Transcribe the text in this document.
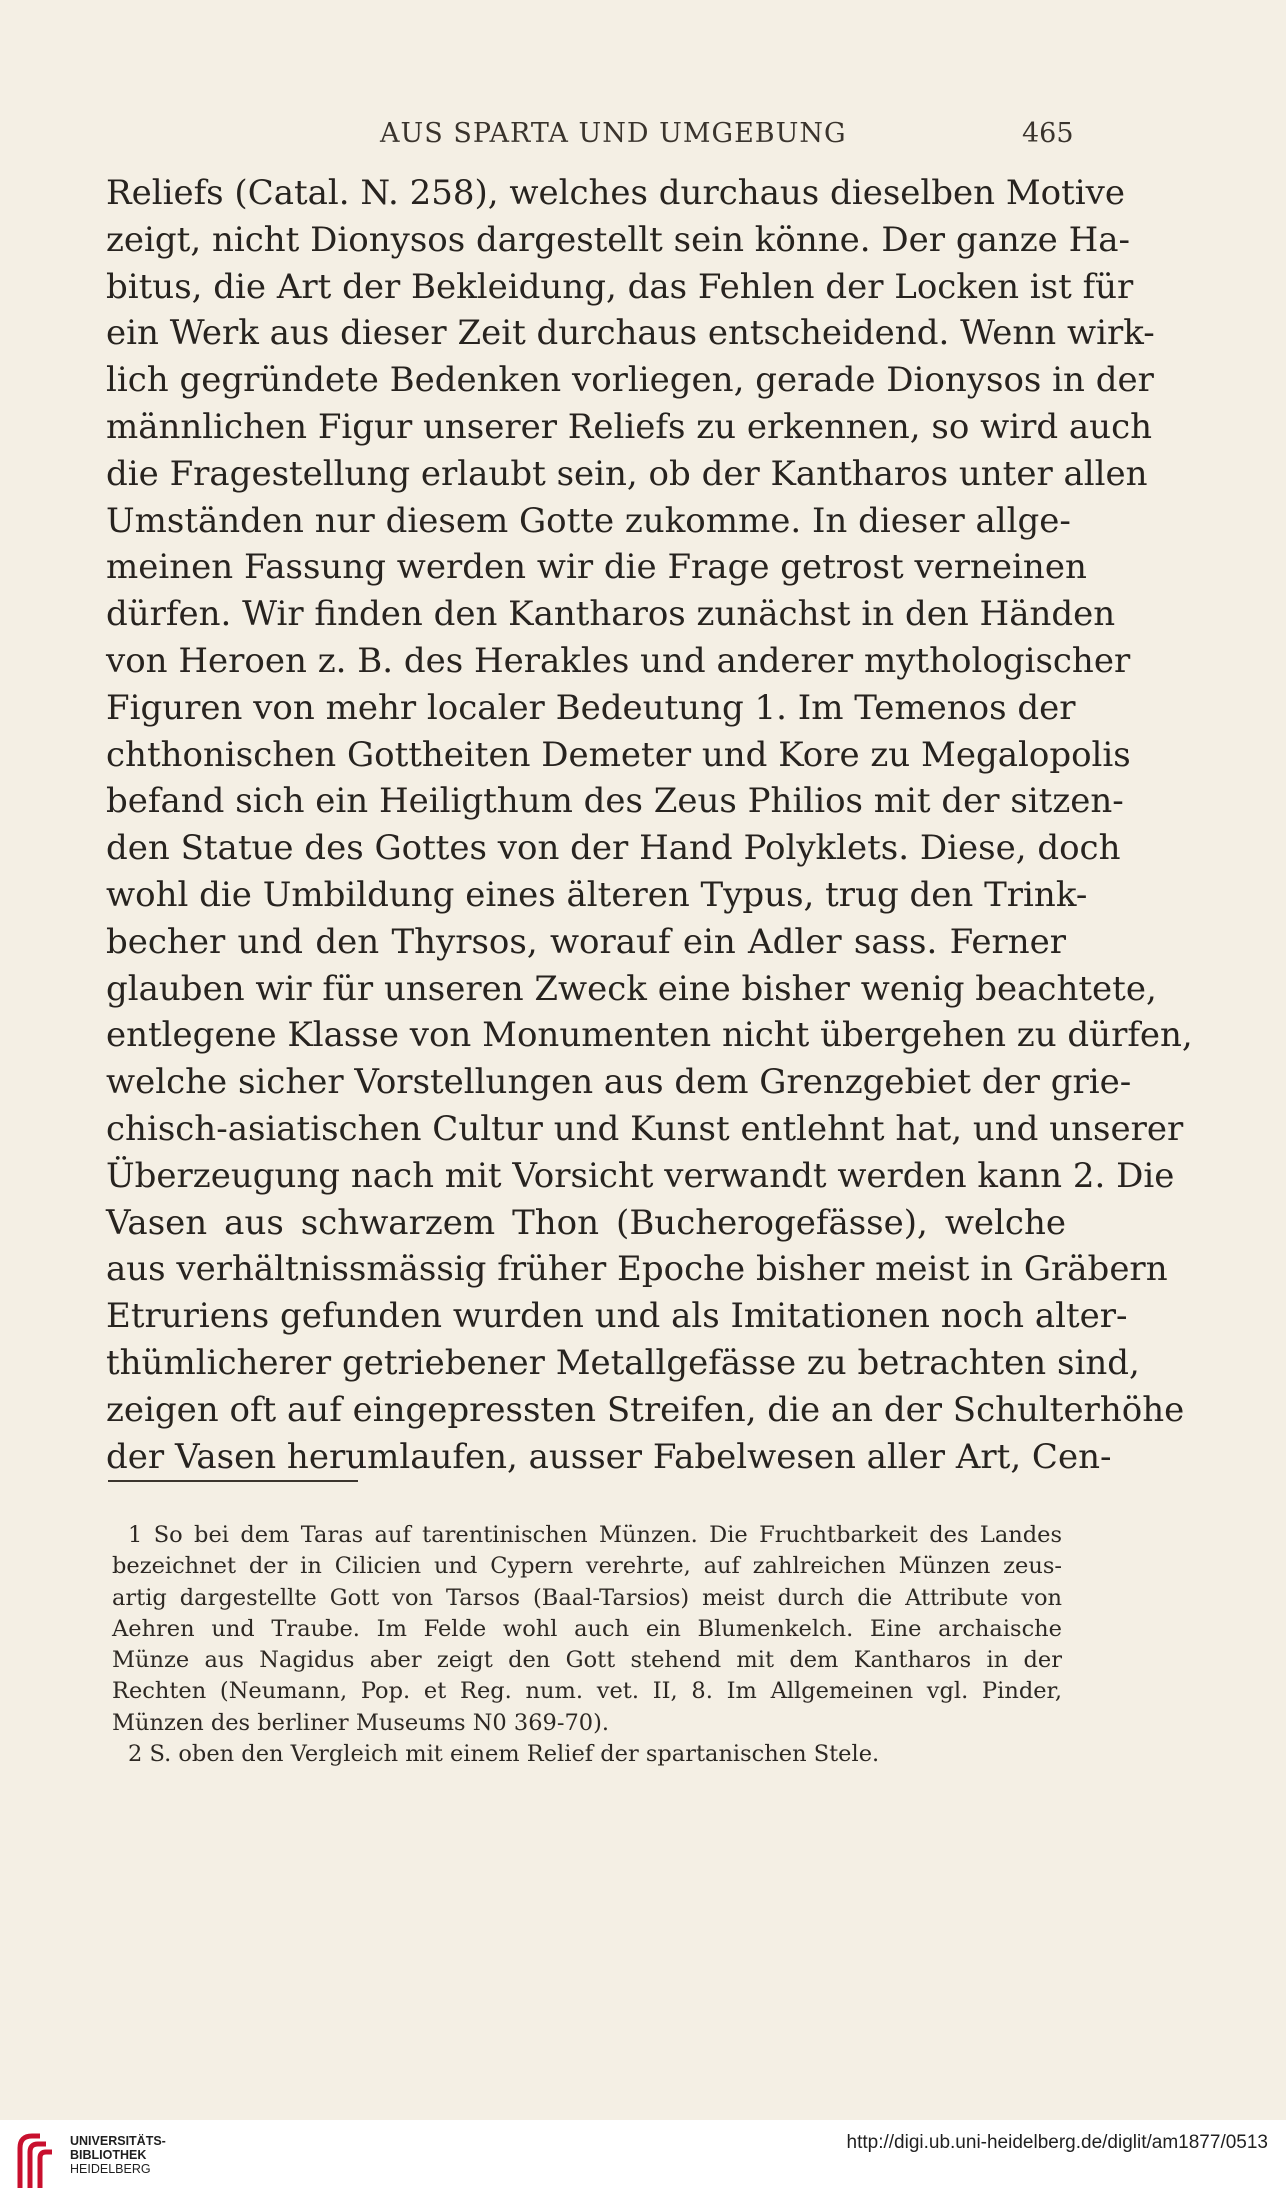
AUS SPARTA UND UMGEBUNG	465
Reliefs (Catal. N. 258), welches durchaus dieselben Motive
zeigt, nicht Dionysos dargestellt sein könne. Der ganze Ha-
bitus, die Art der Bekleidung, das Fehlen der Locken ist für
ein Werk aus dieser Zeit durchaus entscheidend. Wenn wirk-
lich gegründete Bedenken vorliegen, gerade Dionysos in der
männlichen Figur unserer Reliefs zu erkennen, so wird auch
die Fragestellung erlaubt sein, ob der Kantharos unter allen
Umständen nur diesem Gotte zukomme. In dieser allge-
meinen Fassung werden wir die Frage getrost verneinen
dürfen. Wir finden den Kantharos zunächst in den Händen
von Heroen z. B. des Herakles und anderer mythologischer
Figuren von mehr localer Bedeutung 1. Im Temenos der
chthonischen Gottheiten Demeter und Kore zu Megalopolis
befand sich ein Heiligthum des Zeus Philios mit der sitzen-
den Statue des Gottes von der Hand Polyklets. Diese, doch
wohl die Umbildung eines älteren Typus, trug den Trink-
becher und den Thyrsos, worauf ein Adler sass. Ferner
glauben wir für unseren Zweck eine bisher wenig beachtete,
entlegene Klasse von Monumenten nicht übergehen zu dürfen,
welche sicher Vorstellungen aus dem Grenzgebiet der grie-
chisch-asiatischen Cultur und Kunst entlehnt hat, und unserer
Überzeugung nach mit Vorsicht verwandt werden kann 2. Die
Vasen aus schwarzem Thon (Bucherogefässe), welche
aus verhältnissmässig früher Epoche bisher meist in Gräbern
Etruriens gefunden wurden und als Imitationen noch alter-
thümlicherer getriebener Metallgefässe zu betrachten sind,
zeigen oft auf eingepressten Streifen, die an der Schulterhöhe
der Vasen herumlaufen, ausser Fabelwesen aller Art, Cen-
1 So bei dem Taras auf tarentinischen Münzen. Die Fruchtbarkeit des Landes
bezeichnet der in Cilicien und Cypern verehrte, auf zahlreichen Münzen zeus-
artig dargestellte Gott von Tarsos (Baal-Tarsios) meist durch die Attribute von
Aehren und Traube. Im Felde wohl auch ein Blumenkelch. Eine archaische
Münze aus Nagidus aber zeigt den Gott stehend mit dem Kantharos in der
Rechten (Neumann, Pop. et Reg. num. vet. II, 8. Im Allgemeinen vgl. Pinder,
Münzen des berliner Museums N0 369-70).
2 S. oben den Vergleich mit einem Relief der spartanischen Stele.
UNIVERSITÄTS-
BIBLIOTHEK
HEIDELBERG
http://digi.ub.uni-heidelberg.de/diglit/am1877/0513
